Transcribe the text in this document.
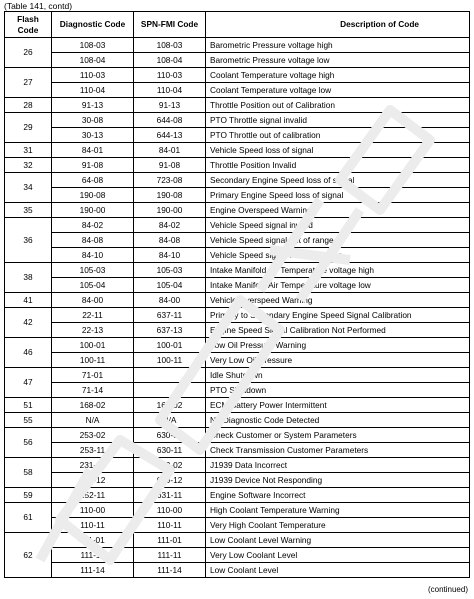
(Table 141, contd)
Flash
Code	Diagnostic Code	SPN-FMI Code	Description of Code
26	108-03	108-03	Barometric Pressure voltage high
	108-04	108-04	Barometric Pressure voltage low
27	110-03	110-03	Coolant Temperature voltage high
	110-04	110-04	Coolant Temperature voltage low
28	91-13	91-13	Throttle Position out of Calibration
29	30-08	644-08	PTO Throttle signal invalid
	30-13	644-13	PTO Throttle out of calibration
31	84-01	84-01	Vehicle Speed loss of signal
32	91-08	91-08	Throttle Position Invalid
34	64-08	723-08	Secondary Engine Speed loss of signal
	190-08	190-08	Primary Engine Speed loss of signal
35	190-00	190-00	Engine Overspeed Warning
36	84-02	84-02	Vehicle Speed signal invalid
	84-08	84-08	Vehicle Speed signal out of range
	84-10	84-10	Vehicle Speed signal rate of change
38	105-03	105-03	Intake Manifold Air Temperature voltage high
	105-04	105-04	Intake Manifold Air Temperature voltage low
41	84-00	84-00	Vehicle Overspeed Warning
42	22-11	637-11	Primary to Secondary Engine Speed Signal Calibration
	22-13	637-13	Engine Speed Signal Calibration Not Performed
46	100-01	100-01	Low Oil Pressure Warning
	100-11	100-11	Very Low Oil Pressure
47	71-01		Idle Shutdown
	71-14		PTO Shutdown
51	168-02	168-02	ECM Battery Power Intermittent
55	N/A	N/A	No Diagnostic Code Detected
56	253-02	630-02	Check Customer or System Parameters
	253-11	630-11	Check Transmission Customer Parameters
58	231-02	639-02	J1939 Data Incorrect
	231-12	639-12	J1939 Device Not Responding
59	252-11	631-11	Engine Software Incorrect
61	110-00	110-00	High Coolant Temperature Warning
	110-11	110-11	Very High Coolant Temperature
62	111-01	111-01	Low Coolant Level Warning
	111-11	111-11	Very Low Coolant Level
	111-14	111-14	Low Coolant Level
(continued)
